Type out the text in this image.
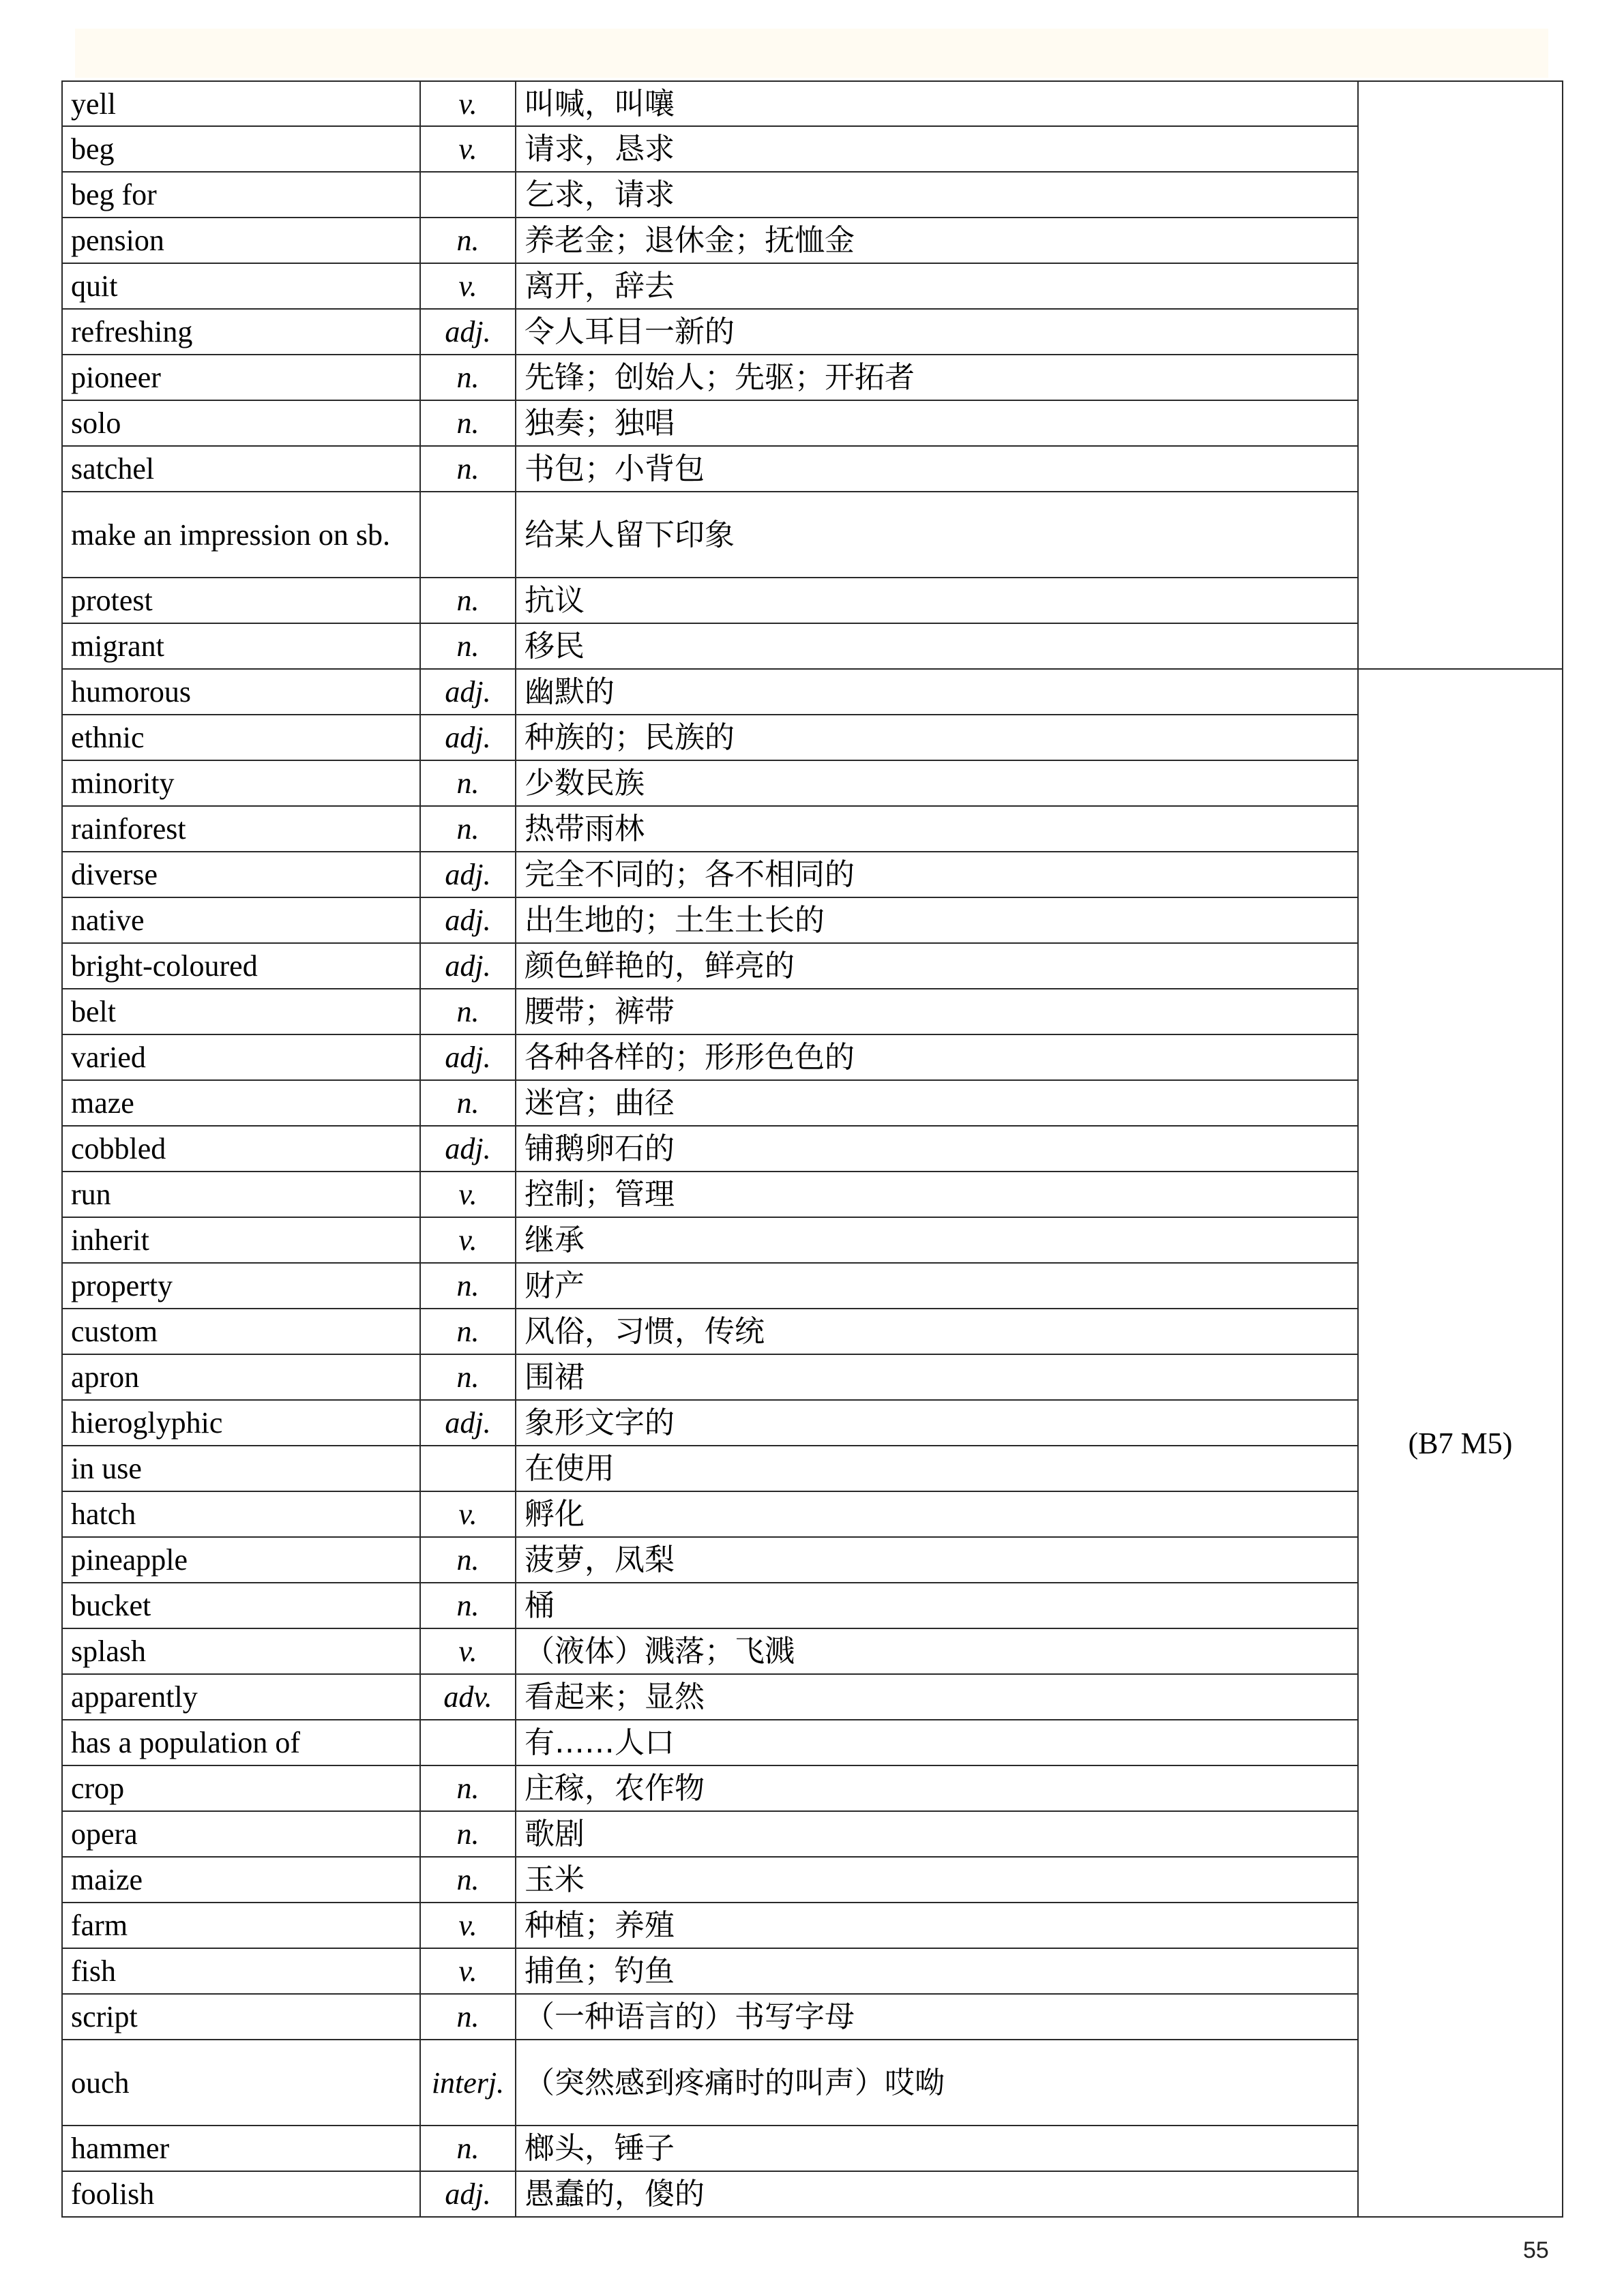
yell	v.	叫喊，叫嚷	
beg	v.	请求，恳求	
beg for		乞求，请求	
pension	n.	养老金；退休金；抚恤金	
quit	v.	离开，辞去	
refreshing	adj.	令人耳目一新的	
pioneer	n.	先锋；创始人；先驱；开拓者	
solo	n.	独奏；独唱	
satchel	n.	书包；小背包	
make an impression on sb.		给某人留下印象	
protest	n.	抗议	
migrant	n.	移民	
humorous	adj.	幽默的	(B7 M5)
ethnic	adj.	种族的；民族的	
minority	n.	少数民族	
rainforest	n.	热带雨林	
diverse	adj.	完全不同的；各不相同的	
native	adj.	出生地的；土生土长的	
bright-coloured	adj.	颜色鲜艳的，鲜亮的	
belt	n.	腰带；裤带	
varied	adj.	各种各样的；形形色色的	
maze	n.	迷宫；曲径	
cobbled	adj.	铺鹅卵石的	
run	v.	控制；管理	
inherit	v.	继承	
property	n.	财产	
custom	n.	风俗，习惯，传统	
apron	n.	围裙	
hieroglyphic	adj.	象形文字的	
in use		在使用	
hatch	v.	孵化	
pineapple	n.	菠萝，凤梨	
bucket	n.	桶	
splash	v.	（液体）溅落；飞溅	
apparently	adv.	看起来；显然	
has a population of		有……人口	
crop	n.	庄稼，农作物	
opera	n.	歌剧	
maize	n.	玉米	
farm	v.	种植；养殖	
fish	v.	捕鱼；钓鱼	
script	n.	（一种语言的）书写字母	
ouch	interj.	（突然感到疼痛时的叫声）哎呦	
hammer	n.	榔头，锤子	
foolish	adj.	愚蠢的，傻的	
55
